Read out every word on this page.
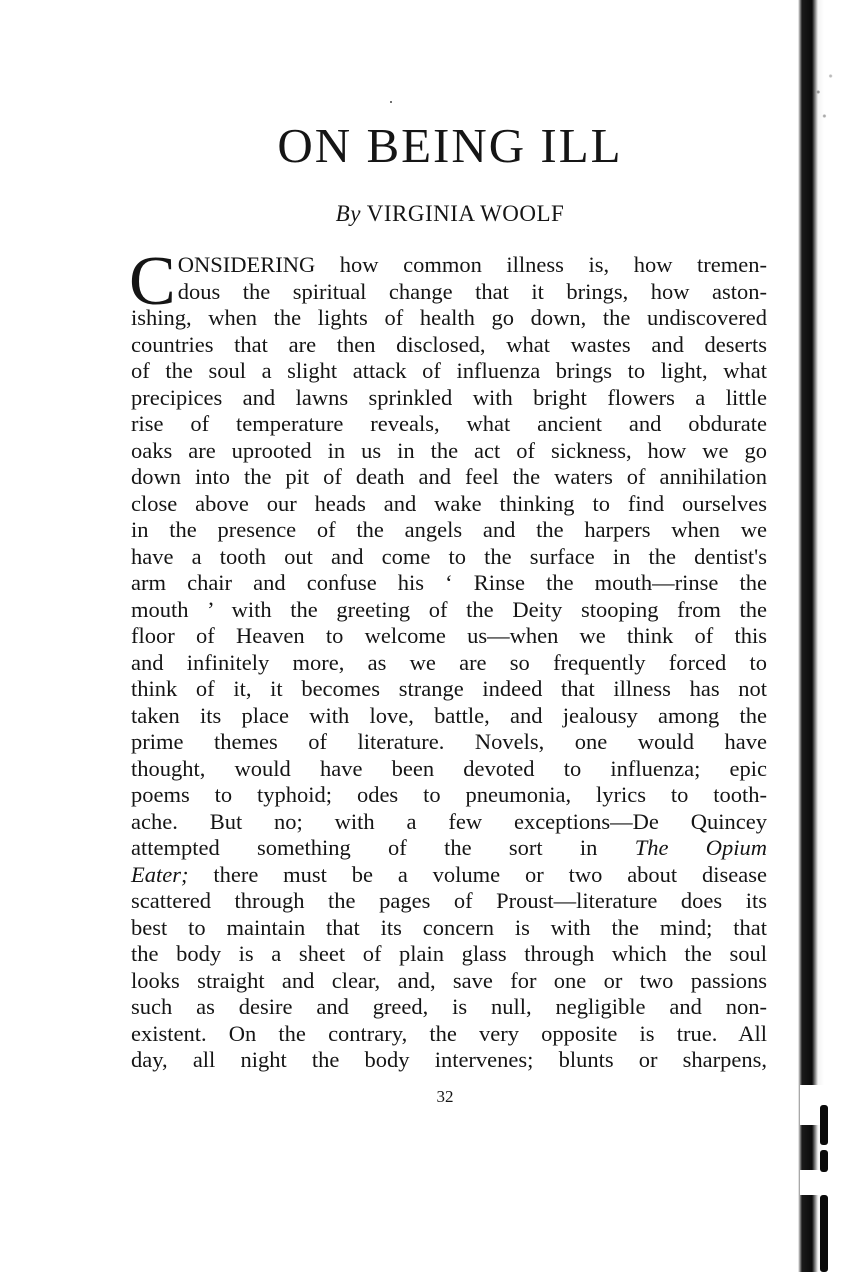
ON BEING ILL
By VIRGINIA WOOLF
C ONSIDERING how common illness is, how tremen-
dous the spiritual change that it brings, how aston-
ishing, when the lights of health go down, the undiscovered
countries that are then disclosed, what wastes and deserts
of the soul a slight attack of influenza brings to light, what
precipices and lawns sprinkled with bright flowers a little
rise of temperature reveals, what ancient and obdurate
oaks are uprooted in us in the act of sickness, how we go
down into the pit of death and feel the waters of annihilation
close above our heads and wake thinking to find ourselves
in the presence of the angels and the harpers when we
have a tooth out and come to the surface in the dentist's
arm chair and confuse his ‘ Rinse the mouth—rinse the
mouth ’ with the greeting of the Deity stooping from the
floor of Heaven to welcome us—when we think of this
and infinitely more, as we are so frequently forced to
think of it, it becomes strange indeed that illness has not
taken its place with love, battle, and jealousy among the
prime themes of literature. Novels, one would have
thought, would have been devoted to influenza; epic
poems to typhoid; odes to pneumonia, lyrics to tooth-
ache. But no; with a few exceptions—De Quincey
attempted something of the sort in The Opium
Eater; there must be a volume or two about disease
scattered through the pages of Proust—literature does its
best to maintain that its concern is with the mind; that
the body is a sheet of plain glass through which the soul
looks straight and clear, and, save for one or two passions
such as desire and greed, is null, negligible and non-
existent. On the contrary, the very opposite is true. All
day, all night the body intervenes; blunts or sharpens,
32
